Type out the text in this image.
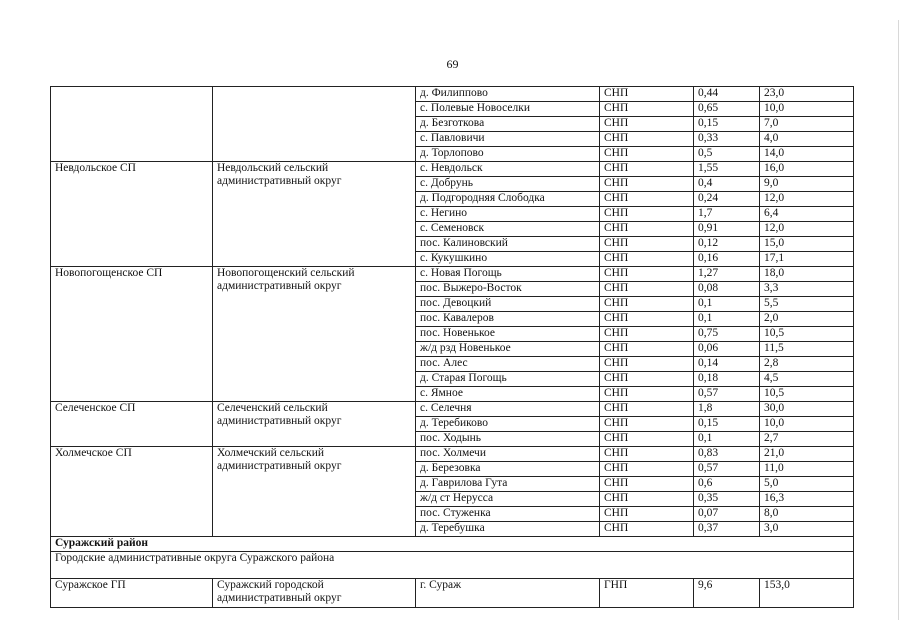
69
		д. Филиппово	СНП	0,44	23,0
		с. Полевые Новоселки	СНП	0,65	10,0
		д. Безготкова	СНП	0,15	7,0
		с. Павловичи	СНП	0,33	4,0
		д. Торлопово	СНП	0,5	14,0
Невдольское СП	Невдольский сельский административный округ	с. Невдольск	СНП	1,55	16,0
		с. Добрунь	СНП	0,4	9,0
		д. Подгородняя Слободка	СНП	0,24	12,0
		с. Негино	СНП	1,7	6,4
		с. Семеновск	СНП	0,91	12,0
		пос. Калиновский	СНП	0,12	15,0
		с. Кукушкино	СНП	0,16	17,1
Новопогощенское СП	Новопогощенский сельский административный округ	с. Новая Погощь	СНП	1,27	18,0
		пос. Выжеро-Восток	СНП	0,08	3,3
		пос. Девоцкий	СНП	0,1	5,5
		пос. Кавалеров	СНП	0,1	2,0
		пос. Новенькое	СНП	0,75	10,5
		ж/д рзд Новенькое	СНП	0,06	11,5
		пос. Алес	СНП	0,14	2,8
		д. Старая Погощь	СНП	0,18	4,5
		с. Ямное	СНП	0,57	10,5
Селеченское СП	Селеченский сельский административный округ	с. Селечня	СНП	1,8	30,0
		д. Теребиково	СНП	0,15	10,0
		пос. Ходынь	СНП	0,1	2,7
Холмечское СП	Холмечский сельский административный округ	пос. Холмечи	СНП	0,83	21,0
		д. Березовка	СНП	0,57	11,0
		д. Гаврилова Гута	СНП	0,6	5,0
		ж/д ст Нерусса	СНП	0,35	16,3
		пос. Стуженка	СНП	0,07	8,0
		д. Теребушка	СНП	0,37	3,0
Суражский район					
Городские административные округа Суражского района					
Суражское ГП	Суражский городской административный округ	г. Сураж	ГНП	9,6	153,0
